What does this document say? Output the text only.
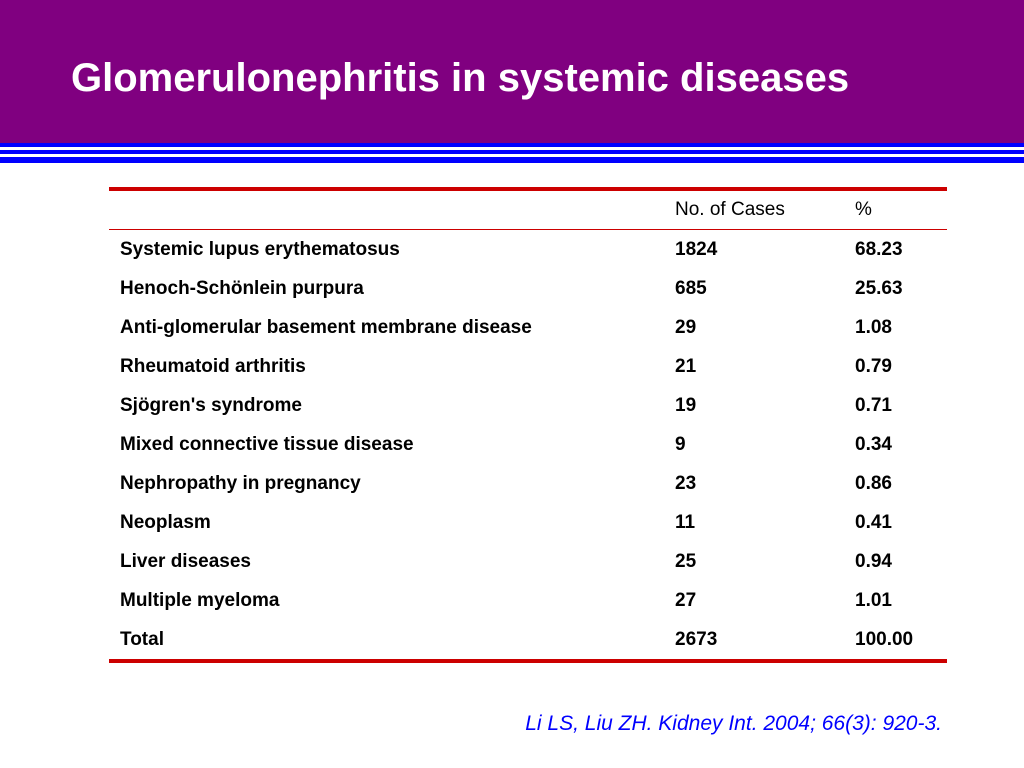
Glomerulonephritis in systemic diseases
	No. of Cases	%
Systemic lupus erythematosus	1824	68.23
Henoch-Schönlein purpura	685	25.63
Anti-glomerular basement membrane disease	29	1.08
Rheumatoid arthritis	21	0.79
Sjögren's syndrome	19	0.71
Mixed connective tissue disease	9	0.34
Nephropathy in pregnancy	23	0.86
Neoplasm	11	0.41
Liver diseases	25	0.94
Multiple myeloma	27	1.01
Total	2673	100.00

Li LS, Liu ZH. Kidney Int. 2004; 66(3): 920-3.
